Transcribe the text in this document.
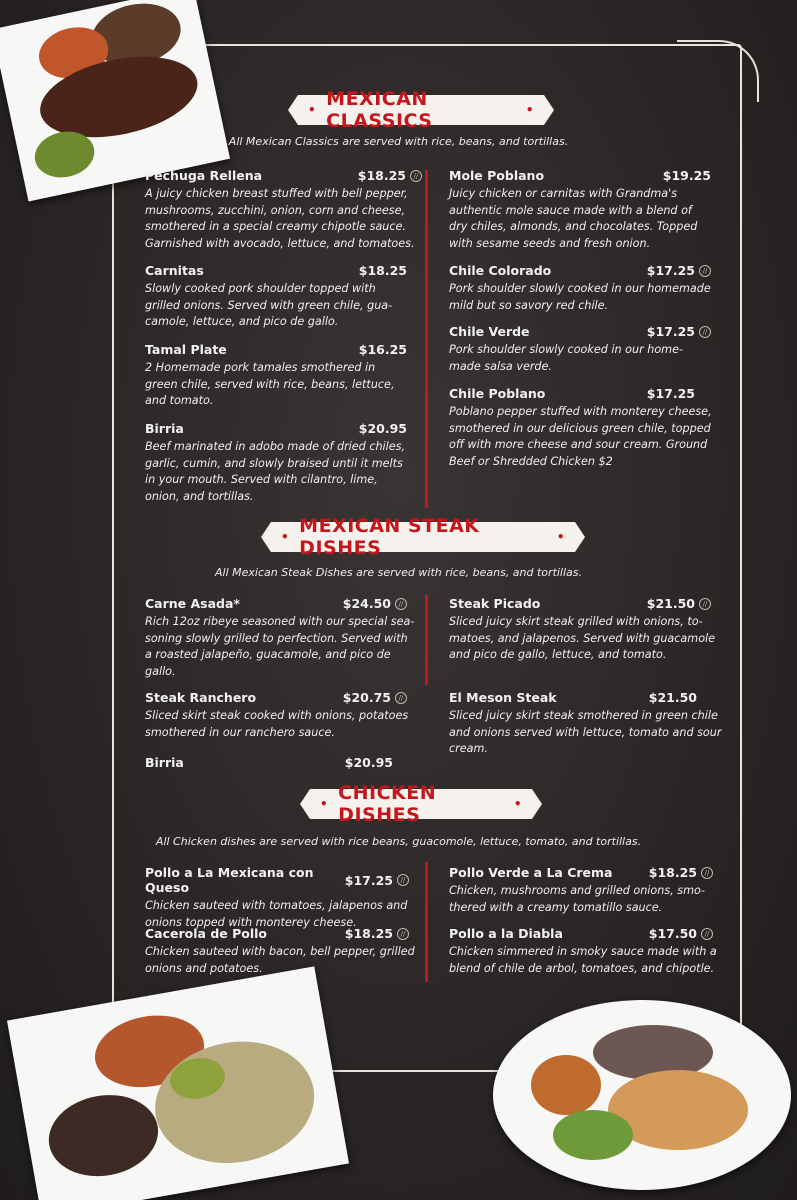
• MEXICAN CLASSICS	•
All Mexican Classics are served with rice, beans, and tortillas.
Pechuga Rellena	$18.25	//
A juicy chicken breast stuffed with bell pepper, mushrooms, zucchini, onion, corn and cheese, smothered in a special creamy chipotle sauce. Garnished with avocado, lettuce, and tomatoes.
Carnitas	$18.25
Slowly cooked pork shoulder topped with grilled onions. Served with green chile, gua-camole, lettuce, and pico de gallo.
Tamal Plate	$16.25
2 Homemade pork tamales smothered in green chile, served with rice, beans, lettuce, and tomato.
Birria	$20.95
Beef marinated in adobo made of dried chiles, garlic, cumin, and slowly braised until it melts in your mouth. Served with cilantro, lime, onion, and tortillas.
Mole Poblano	$19.25
Juicy chicken or carnitas with Grandma's authentic mole sauce made with a blend of dry chiles, almonds, and chocolates. Topped with sesame seeds and fresh onion.
Chile Colorado	$17.25	//
Pork shoulder slowly cooked in our homemade mild but so savory red chile.
Chile Verde	$17.25	//
Pork shoulder slowly cooked in our home-made salsa verde.
Chile Poblano	$17.25
Poblano pepper stuffed with monterey cheese, smothered in our delicious green chile, topped off with more cheese and sour cream. Ground Beef or Shredded Chicken $2
• MEXICAN STEAK DISHES	•
All Mexican Steak Dishes are served with rice, beans, and tortillas.
Carne Asada*	$24.50	//
Rich 12oz ribeye seasoned with our special sea-soning slowly grilled to perfection. Served with a roasted jalapeño, guacamole, and pico de gallo.
Steak Ranchero	$20.75	//
Sliced skirt steak cooked with onions, potatoes smothered in our ranchero sauce.
Birria	$20.95
Steak Picado	$21.50	//
Sliced juicy skirt steak grilled with onions, to-matoes, and jalapenos. Served with guacamole and pico de gallo, lettuce, and tomato.
El Meson Steak	$21.50
Sliced juicy skirt steak smothered in green chile and onions served with lettuce, tomato and sour cream.
• CHICKEN DISHES	•
All Chicken dishes are served with rice beans, guacomole, lettuce, tomato, and tortillas.
Pollo a La Mexicana con Queso	$17.25	//
Chicken sauteed with tomatoes, jalapenos and onions topped with monterey cheese.
Cacerola de Pollo	$18.25	//
Chicken sauteed with bacon, bell pepper, grilled onions and potatoes.
Pollo Verde a La Crema	$18.25	//
Chicken, mushrooms and grilled onions, smo-thered with a creamy tomatillo sauce.
Pollo a la Diabla	$17.50	//
Chicken simmered in smoky sauce made with a blend of chile de arbol, tomatoes, and chipotle.
